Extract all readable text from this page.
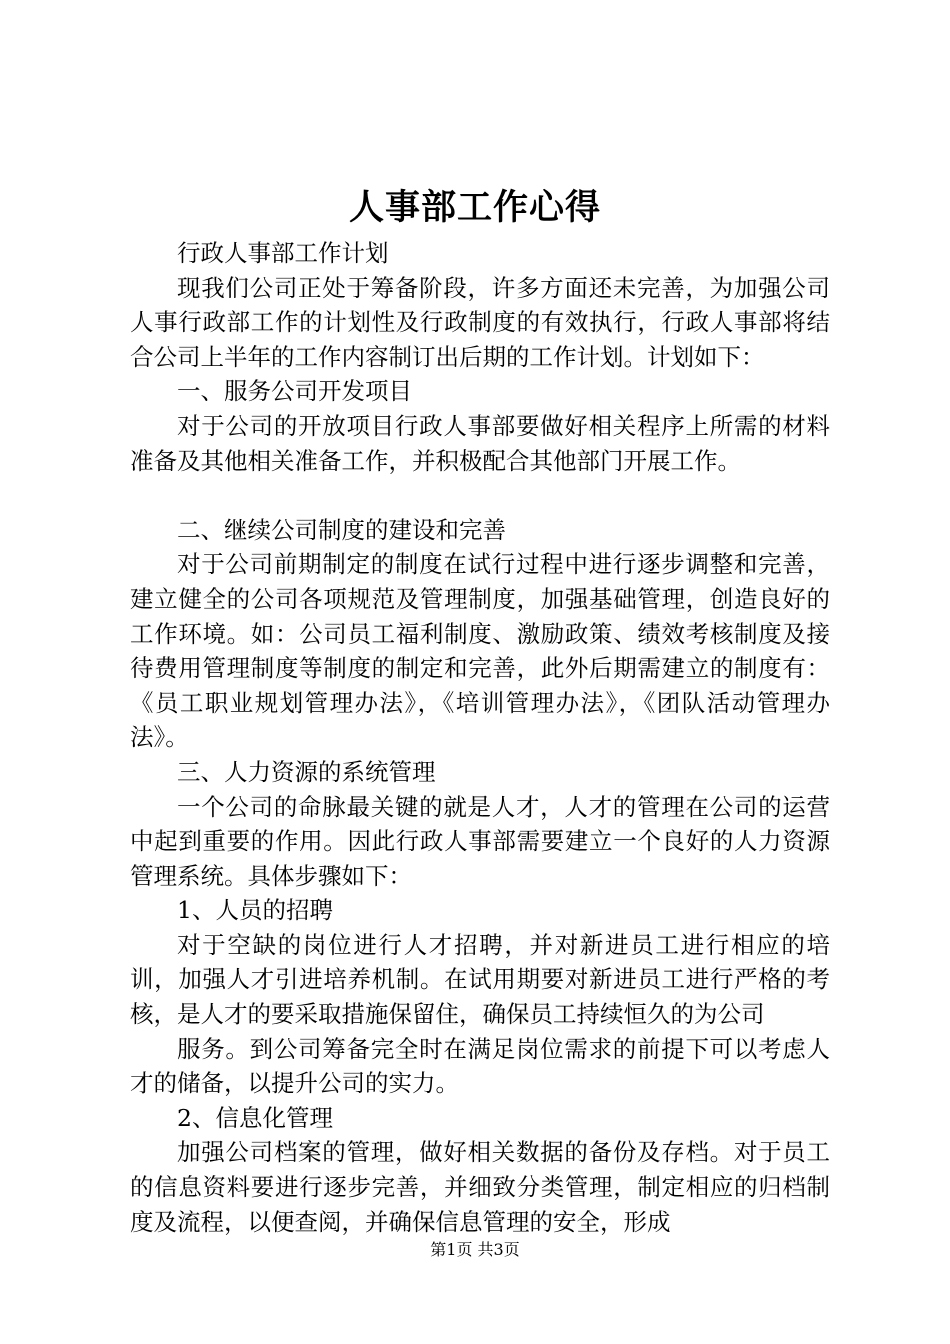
人事部工作心得

行政人事部工作计划

现我们公司正处于筹备阶段，许多方面还未完善，为加强公司人事行政部工作的计划性及行政制度的有效执行，行政人事部将结合公司上半年的工作内容制订出后期的工作计划。计划如下：

一、服务公司开发项目

对于公司的开放项目行政人事部要做好相关程序上所需的材料准备及其他相关准备工作，并积极配合其他部门开展工作。

二、继续公司制度的建设和完善

对于公司前期制定的制度在试行过程中进行逐步调整和完善，建立健全的公司各项规范及管理制度，加强基础管理，创造良好的工作环境。如：公司员工福利制度、激励政策、绩效考核制度及接待费用管理制度等制度的制定和完善，此外后期需建立的制度有：《员工职业规划管理办法》，《培训管理办法》，《团队活动管理办法》。

三、人力资源的系统管理

一个公司的命脉最关键的就是人才，人才的管理在公司的运营中起到重要的作用。因此行政人事部需要建立一个良好的人力资源管理系统。具体步骤如下：

1、人员的招聘

对于空缺的岗位进行人才招聘，并对新进员工进行相应的培训，加强人才引进培养机制。在试用期要对新进员工进行严格的考核，是人才的要采取措施保留住，确保员工持续恒久的为公司

服务。到公司筹备完全时在满足岗位需求的前提下可以考虑人才的储备，以提升公司的实力。

2、信息化管理

加强公司档案的管理，做好相关数据的备份及存档。对于员工的信息资料要进行逐步完善，并细致分类管理，制定相应的归档制度及流程，以便查阅，并确保信息管理的安全，形成

第1页 共3页
